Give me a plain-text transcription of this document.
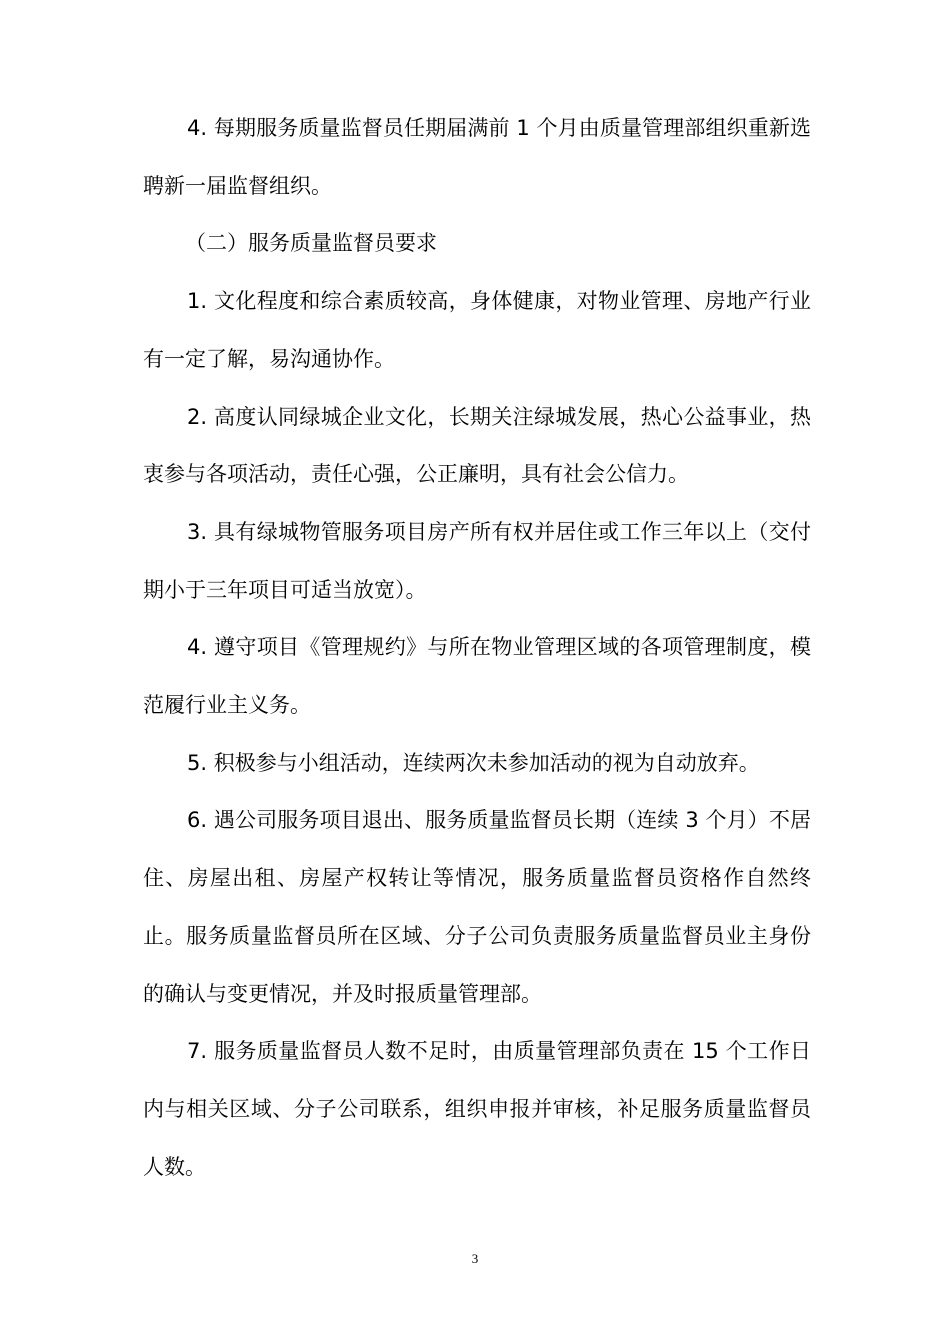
4. 每期服务质量监督员任期届满前 1 个月由质量管理部组织重新选聘新一届监督组织。

（二）服务质量监督员要求

1. 文化程度和综合素质较高，身体健康，对物业管理、房地产行业有一定了解，易沟通协作。

2. 高度认同绿城企业文化，长期关注绿城发展，热心公益事业，热衷参与各项活动，责任心强，公正廉明，具有社会公信力。

3. 具有绿城物管服务项目房产所有权并居住或工作三年以上（交付期小于三年项目可适当放宽）。

4. 遵守项目《管理规约》与所在物业管理区域的各项管理制度，模范履行业主义务。

5. 积极参与小组活动，连续两次未参加活动的视为自动放弃。

6. 遇公司服务项目退出、服务质量监督员长期（连续 3 个月）不居住、房屋出租、房屋产权转让等情况，服务质量监督员资格作自然终止。服务质量监督员所在区域、分子公司负责服务质量监督员业主身份的确认与变更情况，并及时报质量管理部。

7. 服务质量监督员人数不足时，由质量管理部负责在 15 个工作日内与相关区域、分子公司联系，组织申报并审核，补足服务质量监督员人数。

3
